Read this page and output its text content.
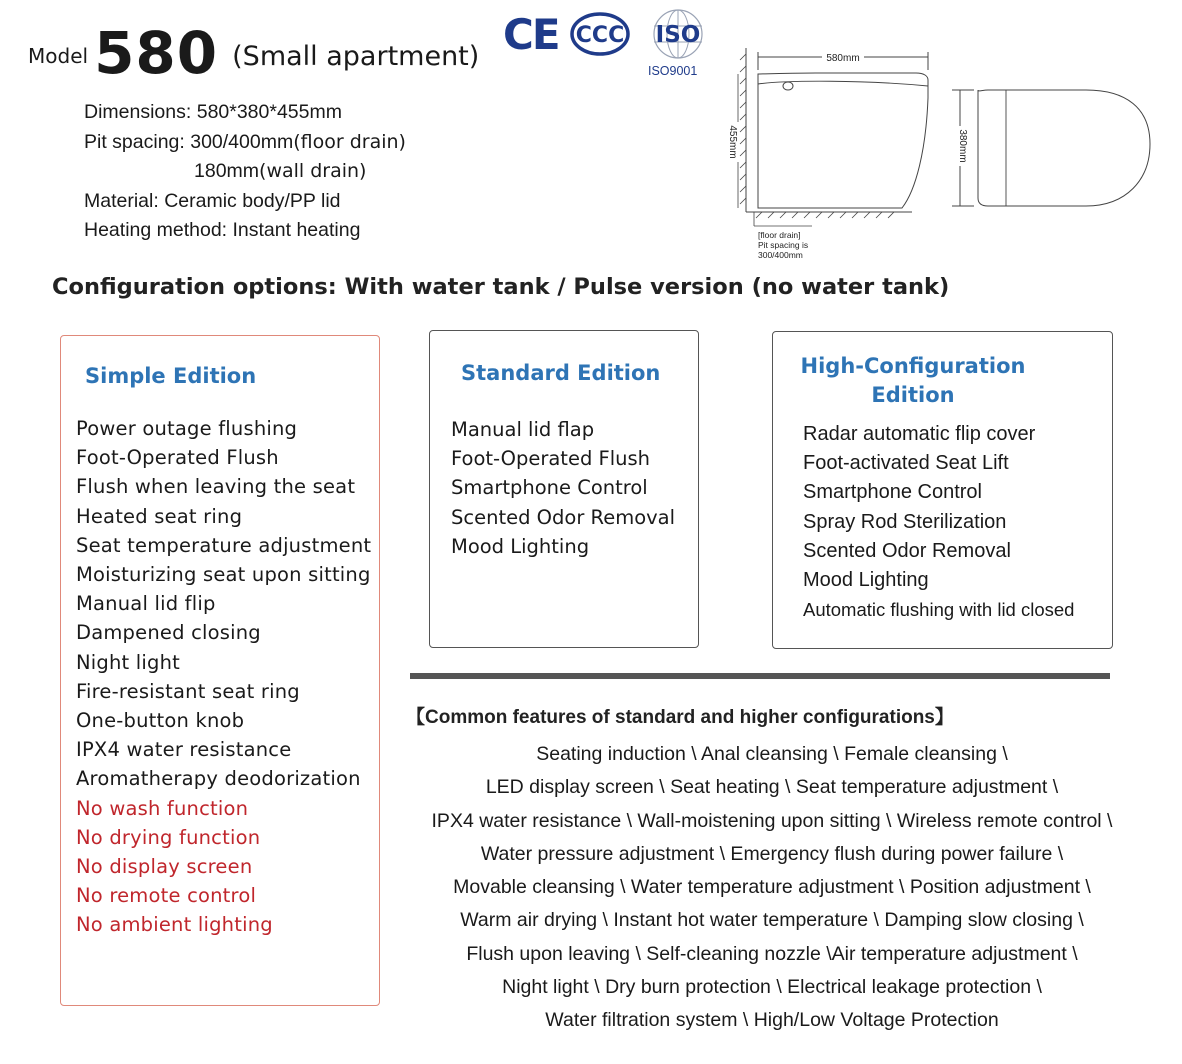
Model 580 (Small apartment) CE CCC ISO
ISO9001
Dimensions: 580*380*455mm
Pit spacing: 300/400mm(floor drain)
180mm(wall drain)
Material: Ceramic body/PP lid
Heating method: Instant heating
580mm
455mm
[floor drain]
Pit spacing is
300/400mm
380mm
Configuration options: With water tank / Pulse version (no water tank)
Simple Edition
Power outage flushing
Foot-Operated Flush
Flush when leaving the seat
Heated seat ring
Seat temperature adjustment
Moisturizing seat upon sitting
Manual lid flip
Dampened closing
Night light
Fire-resistant seat ring
One-button knob
IPX4 water resistance
Aromatherapy deodorization
No wash function
No drying function
No display screen
No remote control
No ambient lighting
Standard Edition
Manual lid flap
Foot-Operated Flush
Smartphone Control
Scented Odor Removal
Mood Lighting
High-Configuration
Edition
Radar automatic flip cover
Foot-activated Seat Lift
Smartphone Control
Spray Rod Sterilization
Scented Odor Removal
Mood Lighting
Automatic flushing with lid closed
【Common features of standard and higher configurations】
Seating induction \ Anal cleansing \ Female cleansing \
LED display screen \ Seat heating \ Seat temperature adjustment \
IPX4 water resistance \ Wall-moistening upon sitting \ Wireless remote control \
Water pressure adjustment \ Emergency flush during power failure \
Movable cleansing \ Water temperature adjustment \ Position adjustment \
Warm air drying \ Instant hot water temperature \ Damping slow closing \
Flush upon leaving \ Self-cleaning nozzle \Air temperature adjustment \
Night light \ Dry burn protection \ Electrical leakage protection \
Water filtration system \ High/Low Voltage Protection
